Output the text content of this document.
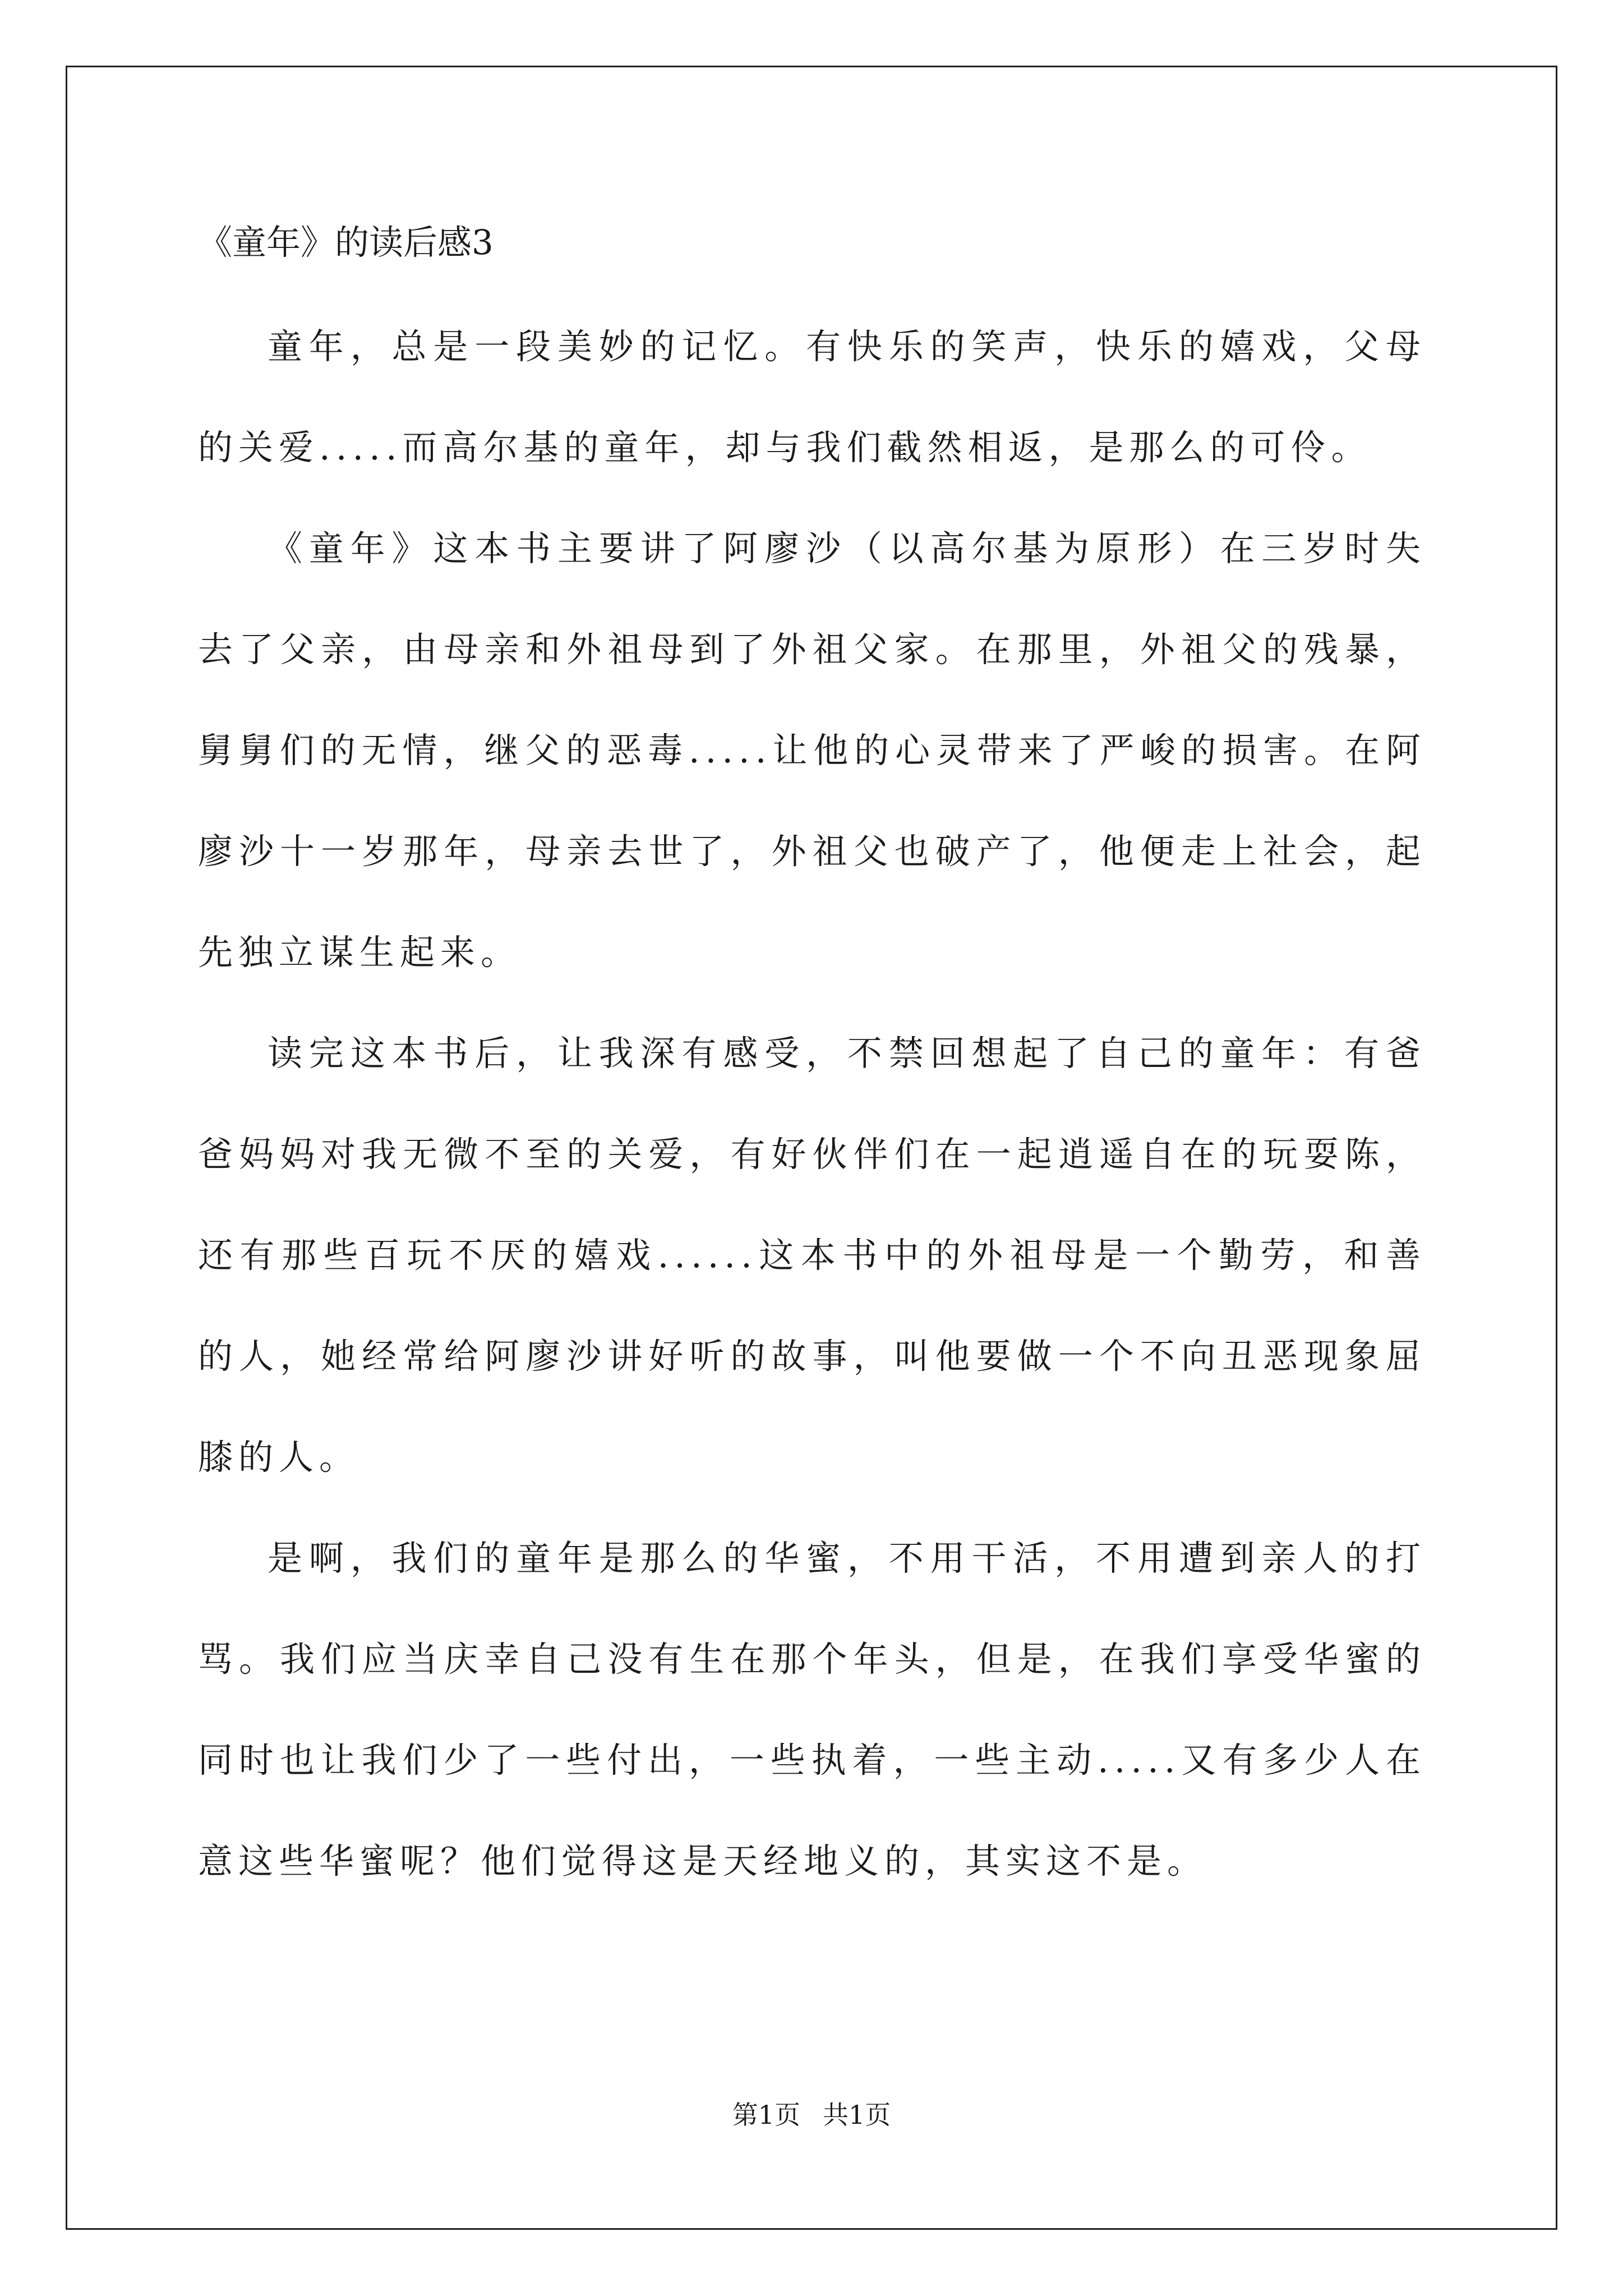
《童年》的读后感3

童年，总是一段美妙的记忆。有快乐的笑声，快乐的嬉戏，父母的关爱.....而高尔基的童年，却与我们截然相返，是那么的可伶。

《童年》这本书主要讲了阿廖沙（以高尔基为原形）在三岁时失去了父亲，由母亲和外祖母到了外祖父家。在那里，外祖父的残暴，舅舅们的无情，继父的恶毒.....让他的心灵带来了严峻的损害。在阿廖沙十一岁那年，母亲去世了，外祖父也破产了，他便走上社会，起先独立谋生起来。

读完这本书后，让我深有感受，不禁回想起了自己的童年：有爸爸妈妈对我无微不至的关爱，有好伙伴们在一起逍遥自在的玩耍陈，还有那些百玩不厌的嬉戏......这本书中的外祖母是一个勤劳，和善的人，她经常给阿廖沙讲好听的故事，叫他要做一个不向丑恶现象屈膝的人。

是啊，我们的童年是那么的华蜜，不用干活，不用遭到亲人的打骂。我们应当庆幸自己没有生在那个年头，但是，在我们享受华蜜的同时也让我们少了一些付出，一些执着，一些主动.....又有多少人在意这些华蜜呢？他们觉得这是天经地义的，其实这不是。

第1页 共1页
